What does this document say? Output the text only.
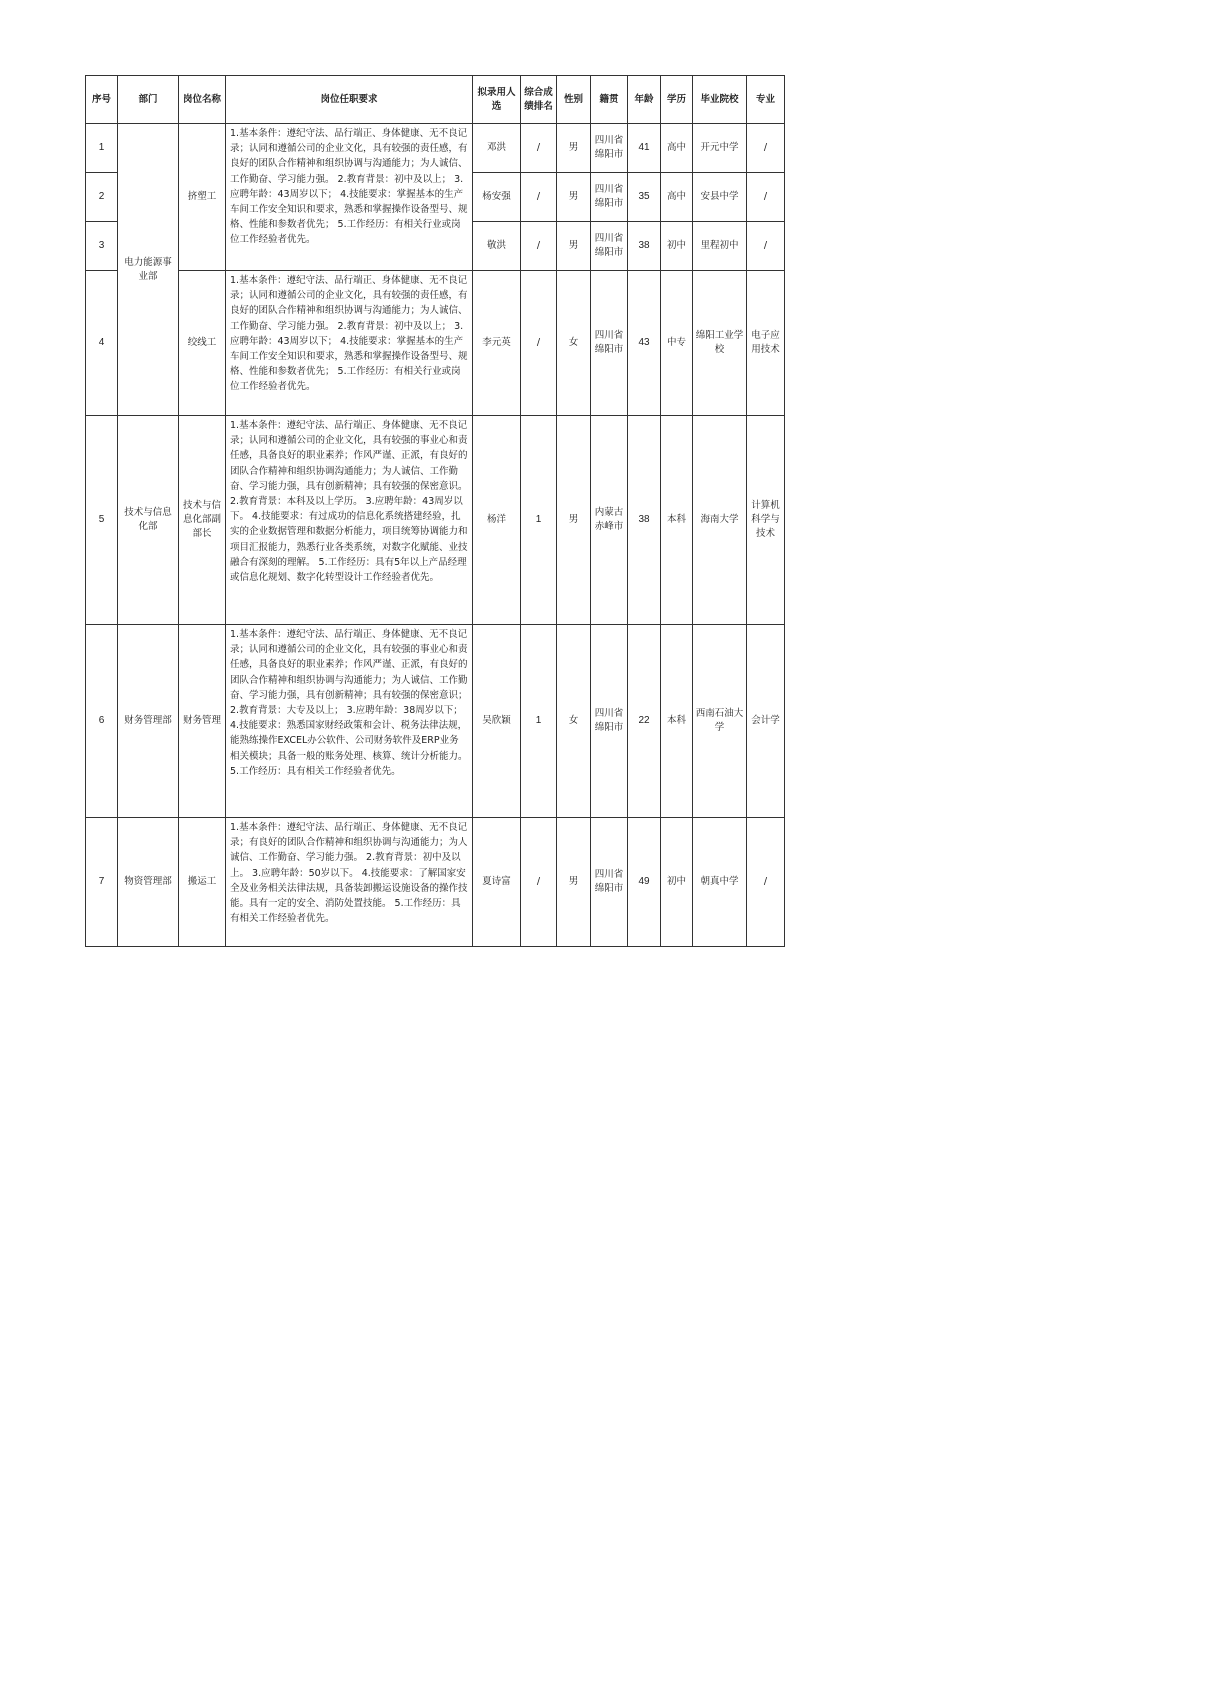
序号	部门	岗位名称	岗位任职要求	拟录用人选	综合成绩排名	性别	籍贯	年龄	学历	毕业院校	专业
1	电力能源事业部	挤塑工	1.基本条件：遵纪守法、品行端正、身体健康、无不良记录；认同和遵循公司的企业文化，具有较强的责任感，有良好的团队合作精神和组织协调与沟通能力；为人诚信、工作勤奋、学习能力强。 2.教育背景：初中及以上； 3.应聘年龄：43周岁以下； 4.技能要求：掌握基本的生产车间工作安全知识和要求，熟悉和掌握操作设备型号、规格、性能和参数者优先； 5.工作经历：有相关行业或岗位工作经验者优先。	邓洪	/	男	四川省绵阳市	41	高中	开元中学	/
2				杨安强	/	男	四川省绵阳市	35	高中	安县中学	/
3				敬洪	/	男	四川省绵阳市	38	初中	里程初中	/
4		绞线工	1.基本条件：遵纪守法、品行端正、身体健康、无不良记录；认同和遵循公司的企业文化，具有较强的责任感，有良好的团队合作精神和组织协调与沟通能力；为人诚信、工作勤奋、学习能力强。 2.教育背景：初中及以上； 3.应聘年龄：43周岁以下； 4.技能要求：掌握基本的生产车间工作安全知识和要求，熟悉和掌握操作设备型号、规格、性能和参数者优先； 5.工作经历：有相关行业或岗位工作经验者优先。	李元英	/	女	四川省绵阳市	43	中专	绵阳工业学校	电子应用技术
5	技术与信息化部	技术与信息化部副部长	1.基本条件：遵纪守法、品行端正、身体健康、无不良记录；认同和遵循公司的企业文化，具有较强的事业心和责任感，具备良好的职业素养；作风严谨、正派，有良好的团队合作精神和组织协调沟通能力；为人诚信、工作勤奋、学习能力强，具有创新精神；具有较强的保密意识。 2.教育背景：本科及以上学历。 3.应聘年龄：43周岁以下。 4.技能要求：有过成功的信息化系统搭建经验，扎实的企业数据管理和数据分析能力，项目统筹协调能力和项目汇报能力，熟悉行业各类系统，对数字化赋能、业技融合有深刻的理解。 5.工作经历：具有5年以上产品经理或信息化规划、数字化转型设计工作经验者优先。	杨洋	1	男	内蒙古赤峰市	38	本科	海南大学	计算机科学与技术
6	财务管理部	财务管理	1.基本条件：遵纪守法、品行端正、身体健康、无不良记录；认同和遵循公司的企业文化，具有较强的事业心和责任感，具备良好的职业素养；作风严谨、正派，有良好的团队合作精神和组织协调与沟通能力；为人诚信、工作勤奋、学习能力强，具有创新精神；具有较强的保密意识； 2.教育背景：大专及以上； 3.应聘年龄：38周岁以下； 4.技能要求：熟悉国家财经政策和会计、税务法律法规，能熟练操作EXCEL办公软件、公司财务软件及ERP业务相关模块；具备一般的账务处理、核算、统计分析能力。 5.工作经历：具有相关工作经验者优先。	吴欣颖	1	女	四川省绵阳市	22	本科	西南石油大学	会计学
7	物资管理部	搬运工	1.基本条件：遵纪守法、品行端正、身体健康、无不良记录；有良好的团队合作精神和组织协调与沟通能力；为人诚信、工作勤奋、学习能力强。 2.教育背景：初中及以上。 3.应聘年龄：50岁以下。 4.技能要求：了解国家安全及业务相关法律法规，具备装卸搬运设施设备的操作技能。具有一定的安全、消防处置技能。 5.工作经历：具有相关工作经验者优先。	夏诗富	/	男	四川省绵阳市	49	初中	朝真中学	/
